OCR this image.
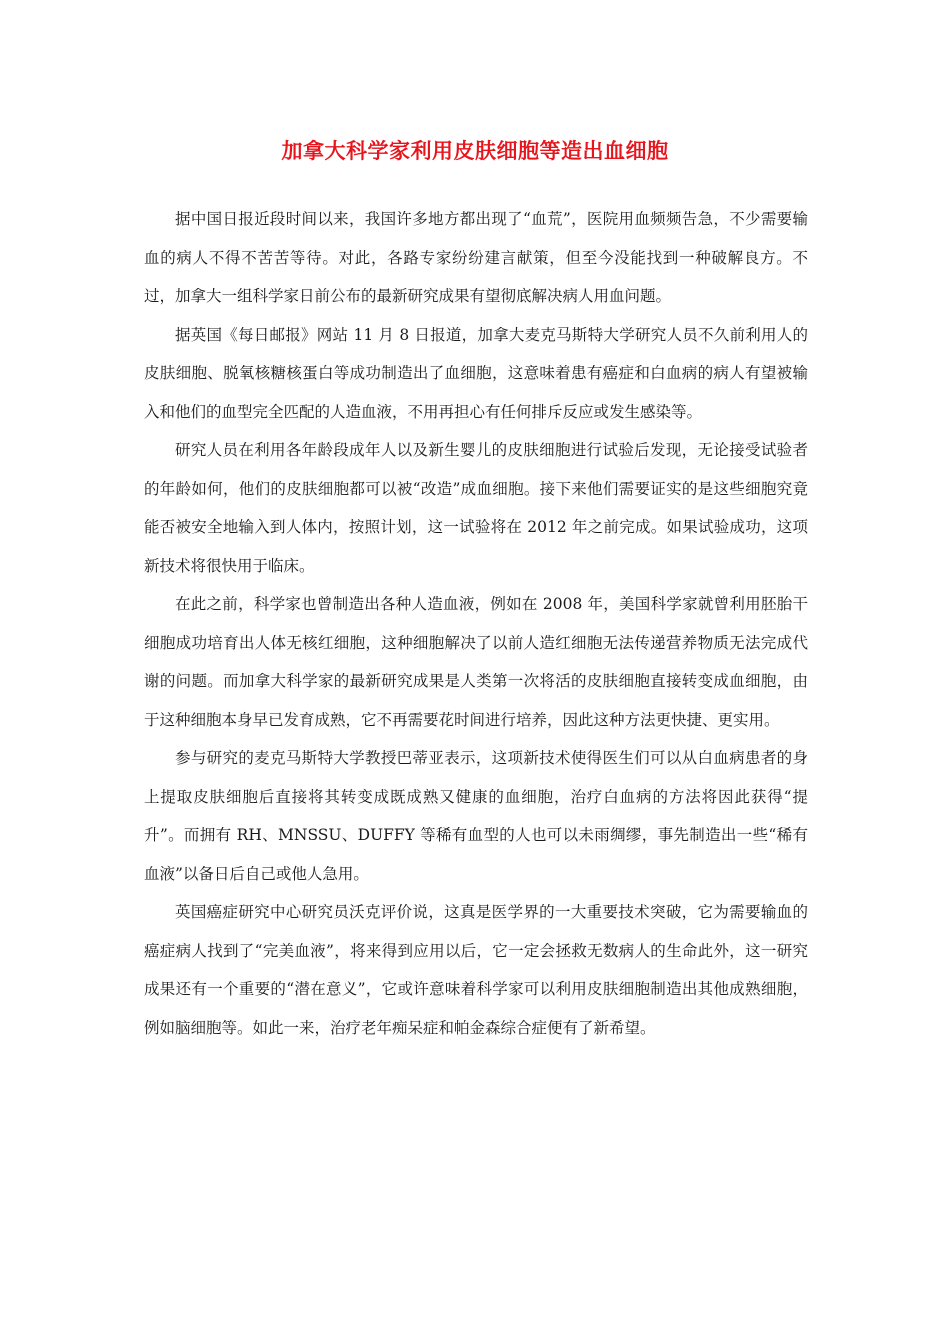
加拿大科学家利用皮肤细胞等造出血细胞

据中国日报近段时间以来，我国许多地方都出现了“血荒”，医院用血频频告急，不少需要输血的病人不得不苦苦等待。对此，各路专家纷纷建言献策，但至今没能找到一种破解良方。不过，加拿大一组科学家日前公布的最新研究成果有望彻底解决病人用血问题。

据英国《每日邮报》网站 11 月 8 日报道，加拿大麦克马斯特大学研究人员不久前利用人的皮肤细胞、脱氧核糖核蛋白等成功制造出了血细胞，这意味着患有癌症和白血病的病人有望被输入和他们的血型完全匹配的人造血液，不用再担心有任何排斥反应或发生感染等。

研究人员在利用各年龄段成年人以及新生婴儿的皮肤细胞进行试验后发现，无论接受试验者的年龄如何，他们的皮肤细胞都可以被“改造”成血细胞。接下来他们需要证实的是这些细胞究竟能否被安全地输入到人体内，按照计划，这一试验将在 2012 年之前完成。如果试验成功，这项新技术将很快用于临床。

在此之前，科学家也曾制造出各种人造血液，例如在 2008 年，美国科学家就曾利用胚胎干细胞成功培育出人体无核红细胞，这种细胞解决了以前人造红细胞无法传递营养物质无法完成代谢的问题。而加拿大科学家的最新研究成果是人类第一次将活的皮肤细胞直接转变成血细胞，由于这种细胞本身早已发育成熟，它不再需要花时间进行培养，因此这种方法更快捷、更实用。

参与研究的麦克马斯特大学教授巴蒂亚表示，这项新技术使得医生们可以从白血病患者的身上提取皮肤细胞后直接将其转变成既成熟又健康的血细胞，治疗白血病的方法将因此获得“提升”。而拥有 RH、MNSSU、DUFFY 等稀有血型的人也可以未雨绸缪，事先制造出一些“稀有血液”以备日后自己或他人急用。

英国癌症研究中心研究员沃克评价说，这真是医学界的一大重要技术突破，它为需要输血的癌症病人找到了“完美血液”，将来得到应用以后，它一定会拯救无数病人的生命此外，这一研究成果还有一个重要的“潜在意义”，它或许意味着科学家可以利用皮肤细胞制造出其他成熟细胞，例如脑细胞等。如此一来，治疗老年痴呆症和帕金森综合症便有了新希望。
